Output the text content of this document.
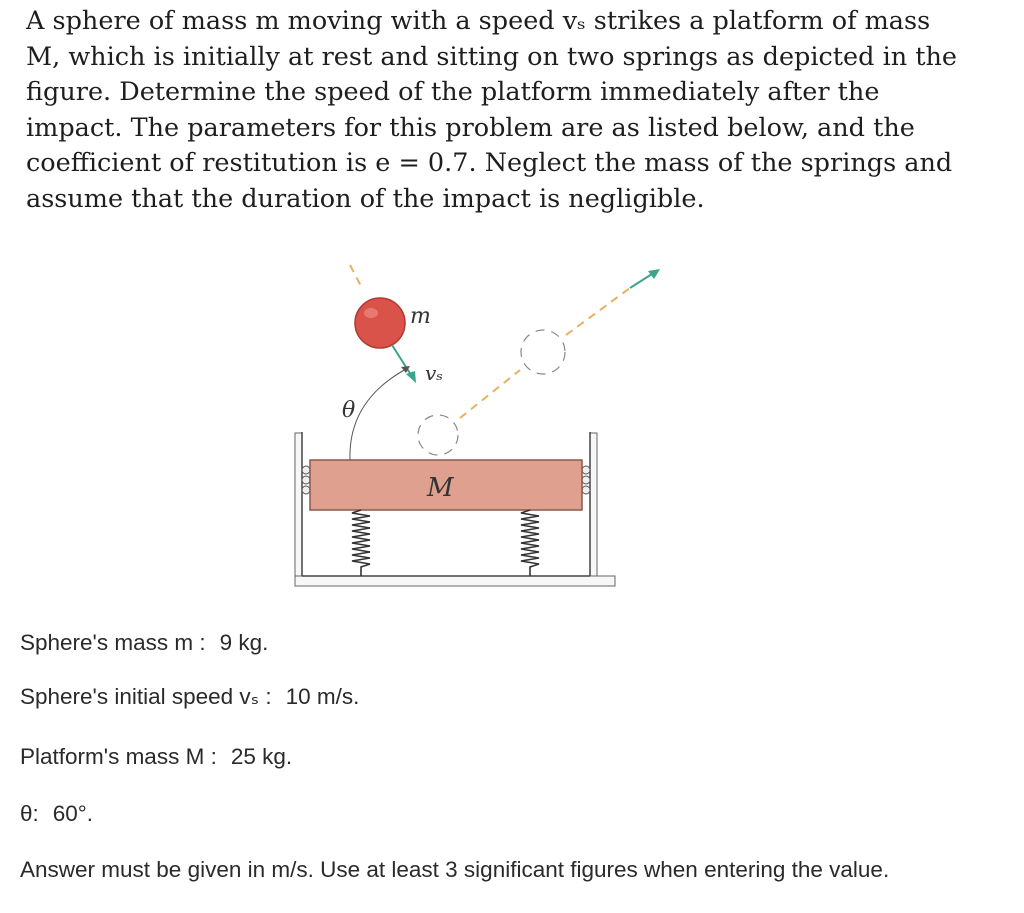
A sphere of mass m moving with a speed vₛ strikes a platform of mass
M, which is initially at rest and sitting on two springs as depicted in the
figure. Determine the speed of the platform immediately after the
impact. The parameters for this problem are as listed below, and the
coefficient of restitution is e = 0.7. Neglect the mass of the springs and
assume that the duration of the impact is negligible.
m
vₛ
θ
M
Sphere's mass m : 9 kg.
Sphere's initial speed vₛ : 10 m/s.
Platform's mass M : 25 kg.
θ: 60°.
Answer must be given in m/s. Use at least 3 significant figures when entering the value.
